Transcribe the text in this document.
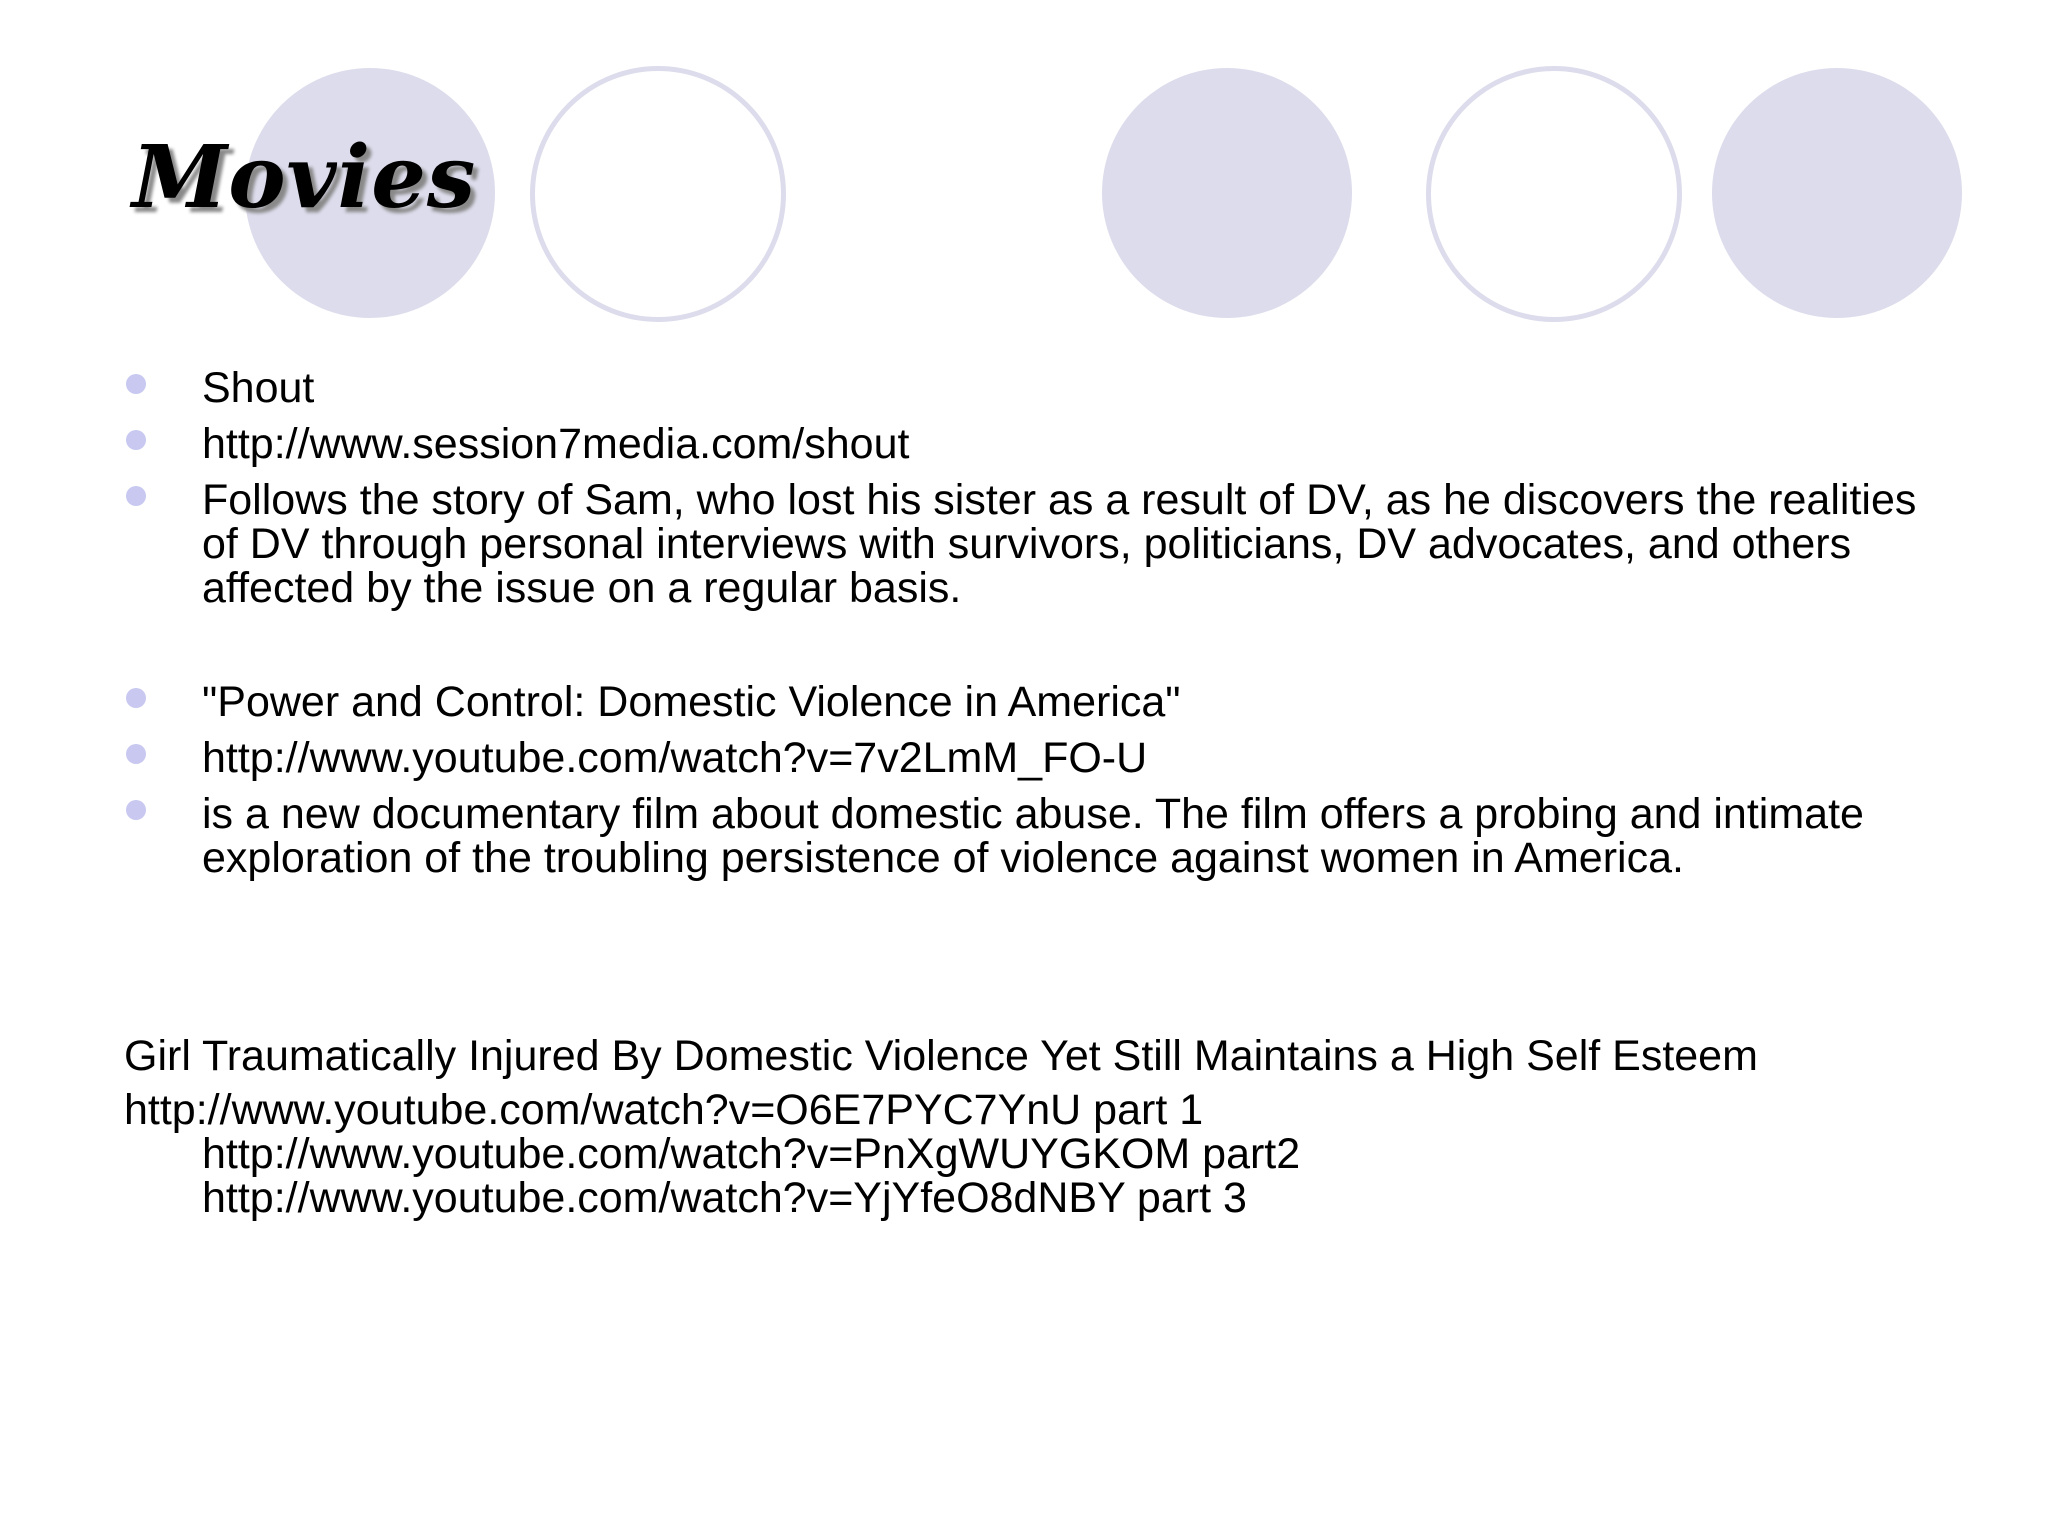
Movies
Shout
http://www.session7media.com/shout
Follows the story of Sam, who lost his sister as a result of DV, as he discovers the realities of DV through personal interviews with survivors, politicians, DV advocates, and others affected by the issue on a regular basis.
"Power and Control: Domestic Violence in America"
http://www.youtube.com/watch?v=7v2LmM_FO-U
is a new documentary film about domestic abuse. The film offers a probing and intimate exploration of the troubling persistence of violence against women in America.
Girl Traumatically Injured By Domestic Violence Yet Still Maintains a High Self Esteem
http://www.youtube.com/watch?v=O6E7PYC7YnU part 1
http://www.youtube.com/watch?v=PnXgWUYGKOM part2
http://www.youtube.com/watch?v=YjYfeO8dNBY part 3
